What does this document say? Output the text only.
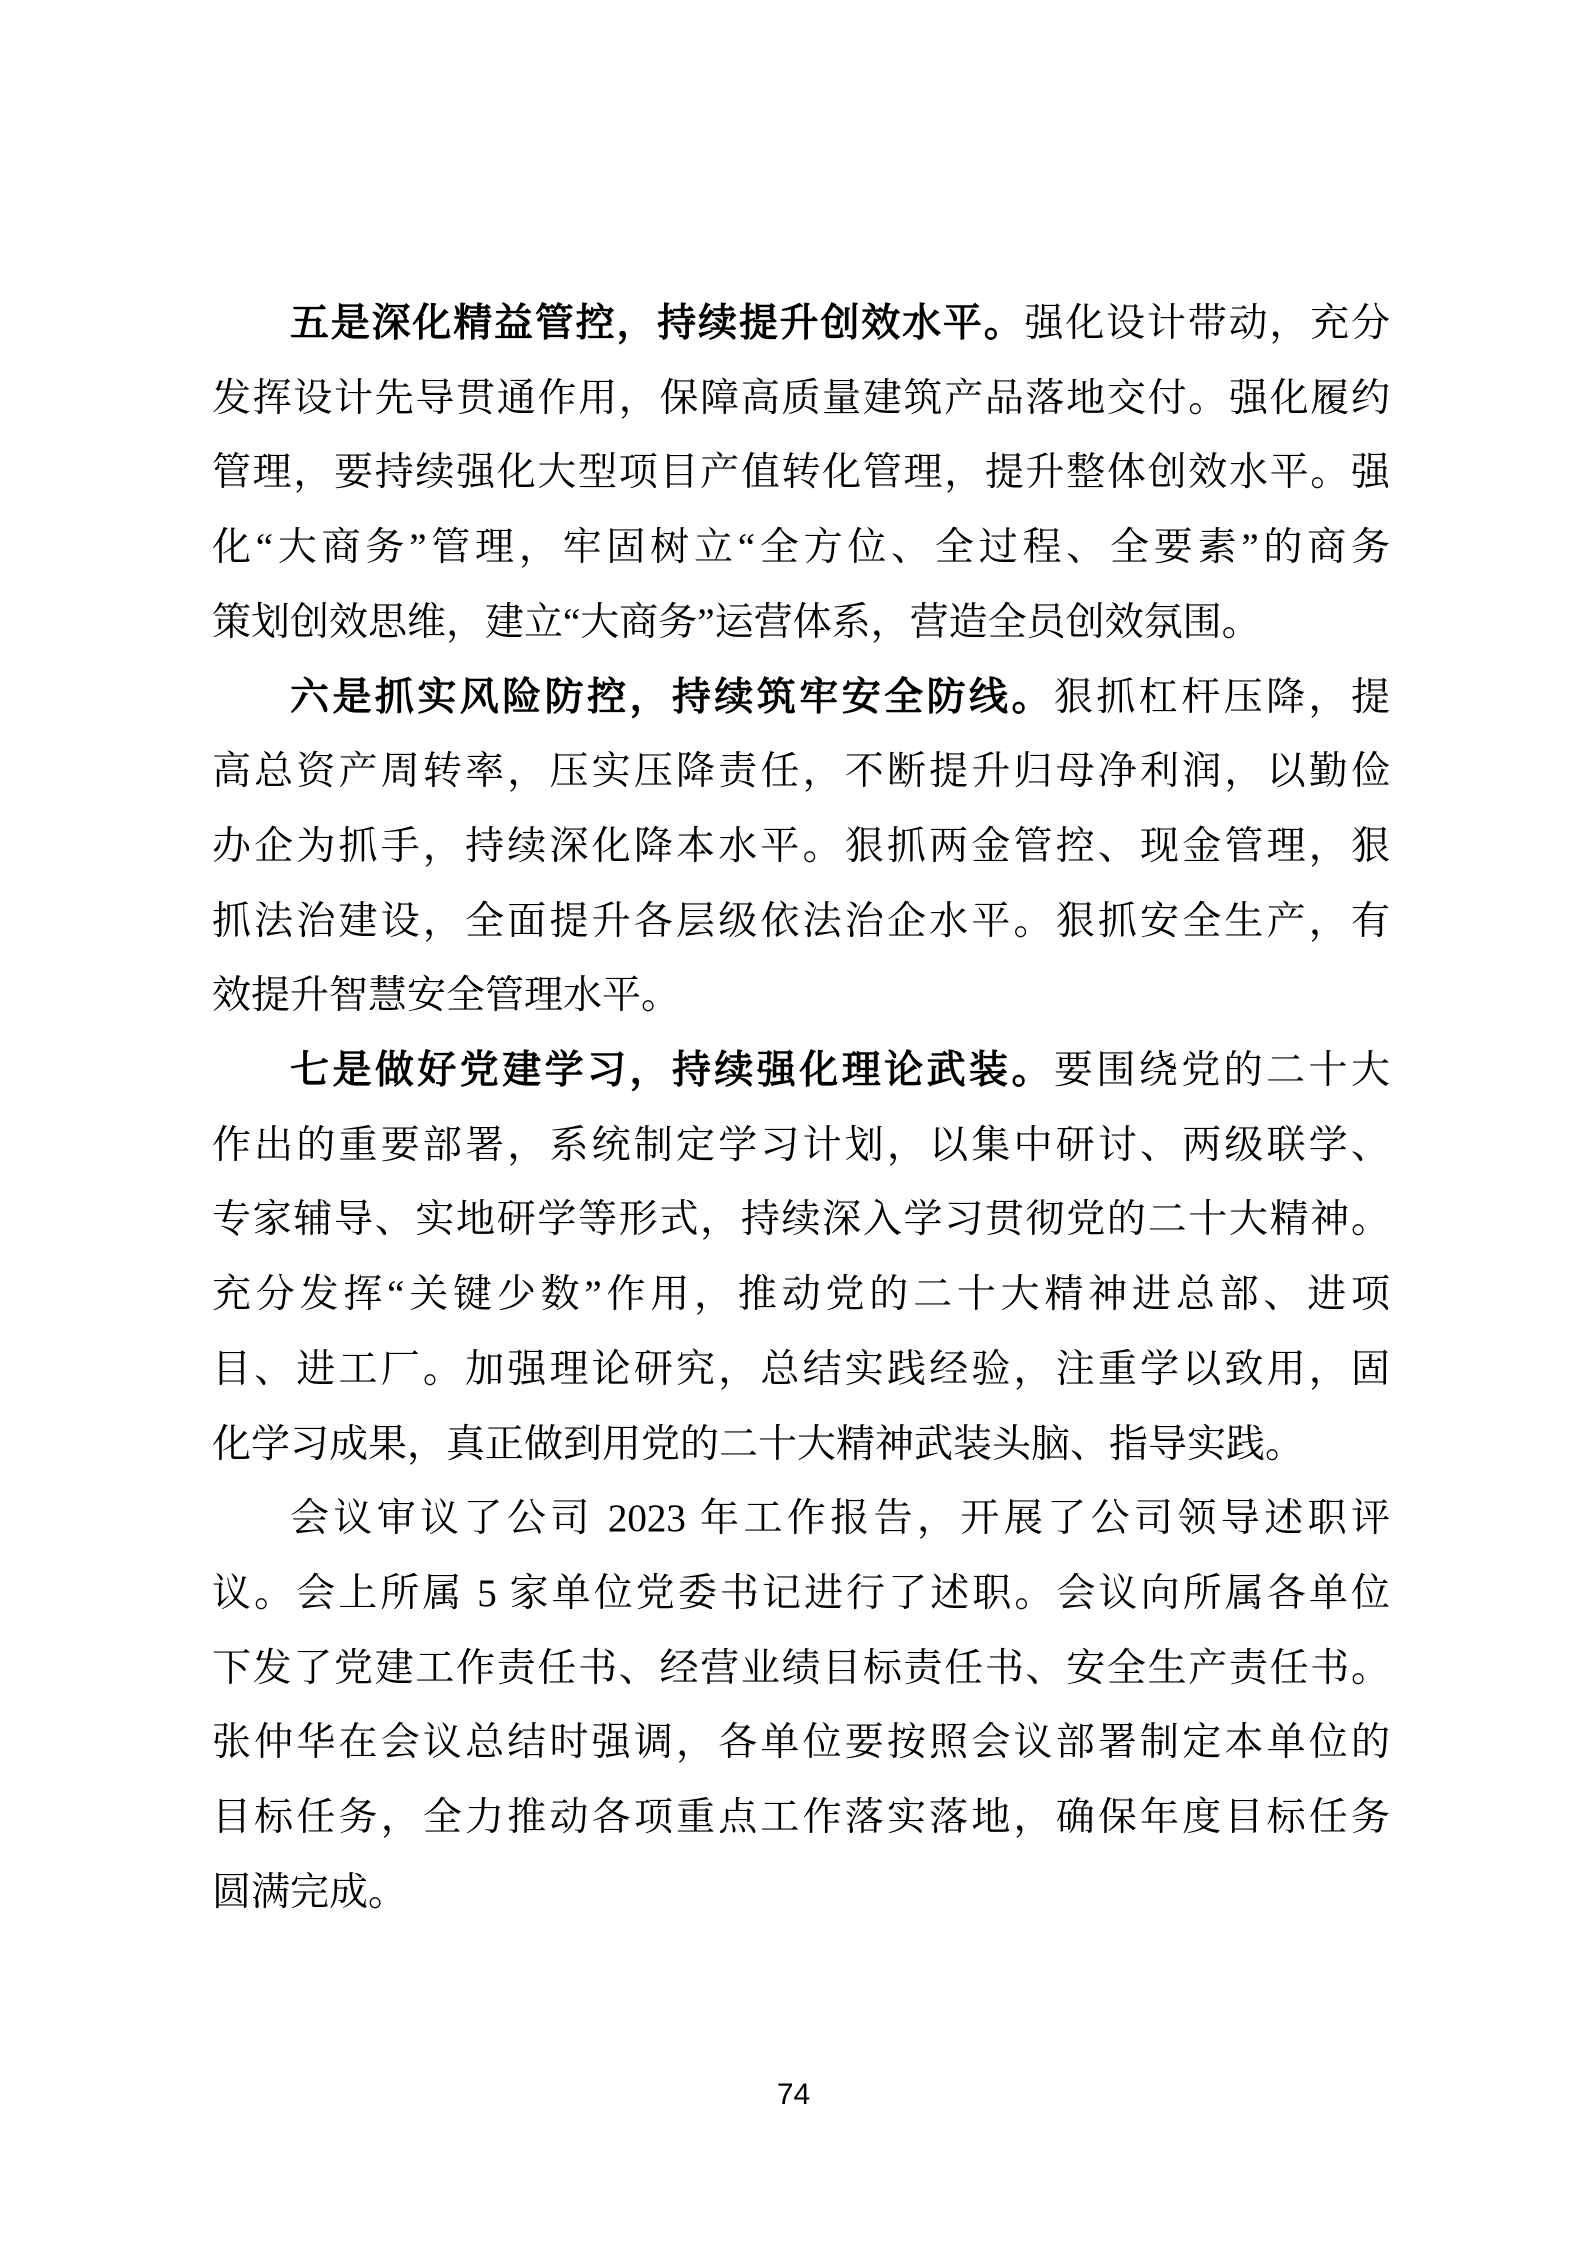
五是深化精益管控，持续提升创效水平。强化设计带动，充分
发挥设计先导贯通作用，保障高质量建筑产品落地交付。强化履约
管理，要持续强化大型项目产值转化管理，提升整体创效水平。强
化“大商务”管理，牢固树立“全方位、全过程、全要素”的商务
策划创效思维，建立“大商务”运营体系，营造全员创效氛围。
六是抓实风险防控，持续筑牢安全防线。狠抓杠杆压降，提
高总资产周转率，压实压降责任，不断提升归母净利润，以勤俭
办企为抓手，持续深化降本水平。狠抓两金管控、现金管理，狠
抓法治建设，全面提升各层级依法治企水平。狠抓安全生产，有
效提升智慧安全管理水平。
七是做好党建学习，持续强化理论武装。要围绕党的二十大
作出的重要部署，系统制定学习计划，以集中研讨、两级联学、
专家辅导、实地研学等形式，持续深入学习贯彻党的二十大精神。
充分发挥“关键少数”作用，推动党的二十大精神进总部、进项
目、进工厂。加强理论研究，总结实践经验，注重学以致用，固
化学习成果，真正做到用党的二十大精神武装头脑、指导实践。
会议审议了公司 2023 年工作报告，开展了公司领导述职评
议。会上所属 5 家单位党委书记进行了述职。会议向所属各单位
下发了党建工作责任书、经营业绩目标责任书、安全生产责任书。
张仲华在会议总结时强调，各单位要按照会议部署制定本单位的
目标任务，全力推动各项重点工作落实落地，确保年度目标任务
圆满完成。
74
